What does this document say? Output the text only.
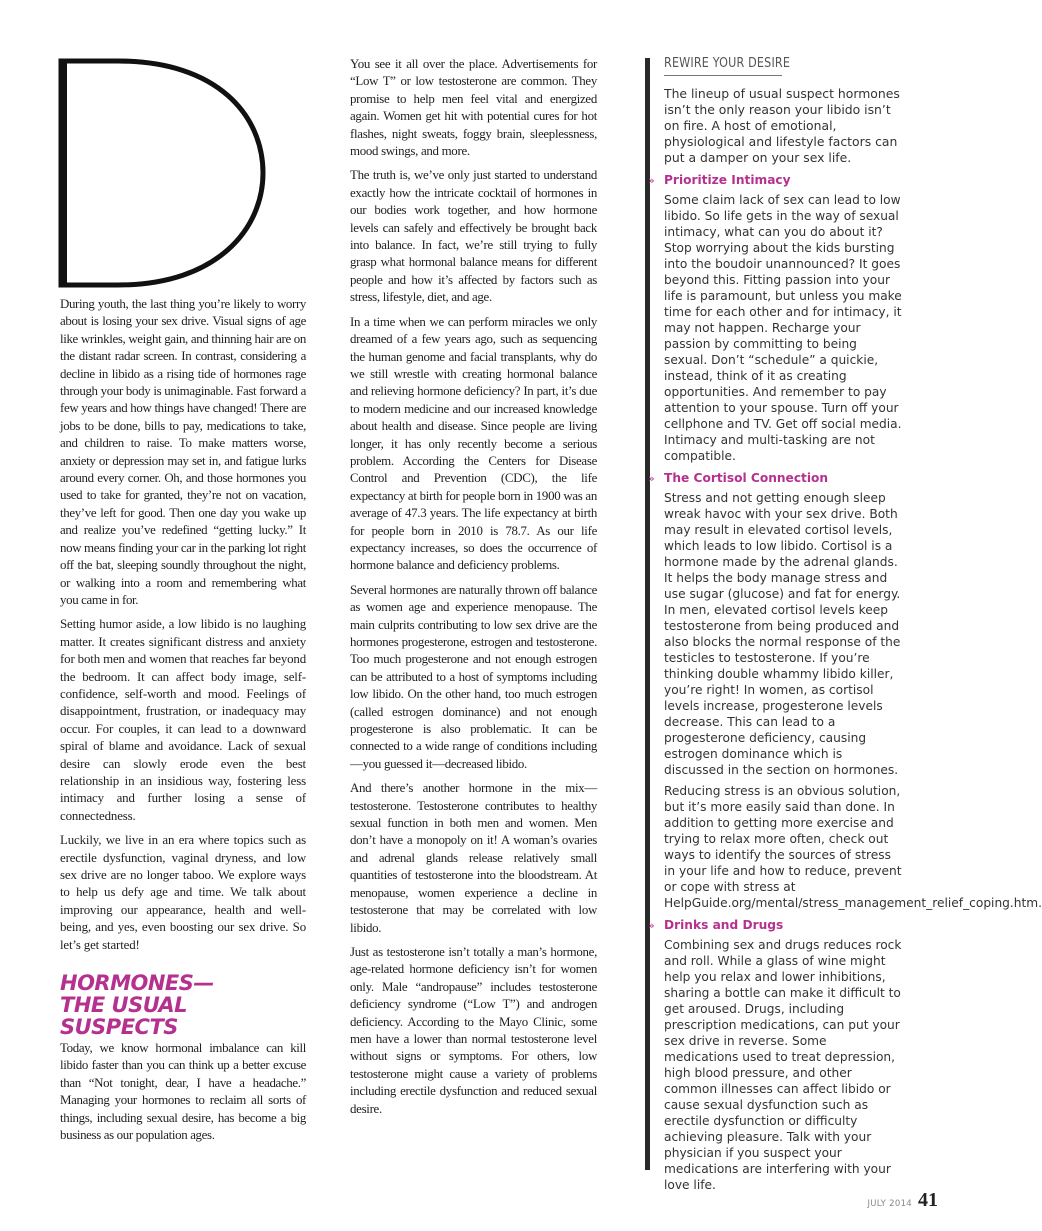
During youth, the last thing you’re likely to worry about is losing your sex drive. Visual signs of age like wrinkles, weight gain, and thinning hair are on the distant radar screen. In contrast, considering a decline in libido as a rising tide of hormones rage through your body is unimaginable. Fast forward a few years and how things have changed! There are jobs to be done, bills to pay, medications to take, and children to raise. To make matters worse, anxiety or depression may set in, and fatigue lurks around every corner. Oh, and those hormones you used to take for granted, they’re not on vacation, they’ve left for good. Then one day you wake up and realize you’ve redefined “getting lucky.” It now means finding your car in the parking lot right off the bat, sleeping soundly throughout the night, or walking into a room and remembering what you came in for.

Setting humor aside, a low libido is no laughing matter. It creates significant distress and anxiety for both men and women that reaches far beyond the bedroom. It can affect body image, self-confidence, self-worth and mood. Feelings of disappointment, frustration, or inadequacy may occur. For couples, it can lead to a downward spiral of blame and avoidance. Lack of sexual desire can slowly erode even the best relationship in an insidious way, fostering less intimacy and further losing a sense of connectedness.

Luckily, we live in an era where topics such as erectile dysfunction, vaginal dryness, and low sex drive are no longer taboo. We explore ways to help us defy age and time. We talk about improving our appearance, health and well-being, and yes, even boosting our sex drive. So let’s get started!

HORMONES—
THE USUAL SUSPECTS

Today, we know hormonal imbalance can kill libido faster than you can think up a better excuse than “Not tonight, dear, I have a headache.” Managing your hormones to reclaim all sorts of things, including sexual desire, has become a big business as our population ages.

You see it all over the place. Advertisements for “Low T” or low testosterone are common. They promise to help men feel vital and energized again. Women get hit with potential cures for hot flashes, night sweats, foggy brain, sleeplessness, mood swings, and more.

The truth is, we’ve only just started to understand exactly how the intricate cocktail of hormones in our bodies work together, and how hormone levels can safely and effectively be brought back into balance. In fact, we’re still trying to fully grasp what hormonal balance means for different people and how it’s affected by factors such as stress, lifestyle, diet, and age.

In a time when we can perform miracles we only dreamed of a few years ago, such as sequencing the human genome and facial transplants, why do we still wrestle with creating hormonal balance and relieving hormone deficiency? In part, it’s due to modern medicine and our increased knowledge about health and disease. Since people are living longer, it has only recently become a serious problem. According the Centers for Disease Control and Prevention (CDC), the life expectancy at birth for people born in 1900 was an average of 47.3 years. The life expectancy at birth for people born in 2010 is 78.7. As our life expectancy increases, so does the occurrence of hormone balance and deficiency problems.

Several hormones are naturally thrown off balance as women age and experience menopause. The main culprits contributing to low sex drive are the hormones progesterone, estrogen and testosterone. Too much progesterone and not enough estrogen can be attributed to a host of symptoms including low libido. On the other hand, too much estrogen (called estrogen dominance) and not enough progesterone is also problematic. It can be connected to a wide range of conditions including—you guessed it—decreased libido.

And there’s another hormone in the mix—testosterone. Testosterone contributes to healthy sexual function in both men and women. Men don’t have a monopoly on it! A woman’s ovaries and adrenal glands release relatively small quantities of testosterone into the bloodstream. At menopause, women experience a decline in testosterone that may be correlated with low libido.

Just as testosterone isn’t totally a man’s hormone, age-related hormone deficiency isn’t for women only. Male “andropause” includes testosterone deficiency syndrome (“Low T”) and androgen deficiency. According to the Mayo Clinic, some men have a lower than normal testosterone level without signs or symptoms. For others, low testosterone might cause a variety of problems including erectile dysfunction and reduced sexual desire.

REWIRE YOUR DESIRE

The lineup of usual suspect hormones isn’t the only reason your libido isn’t on fire. A host of emotional, physiological and lifestyle factors can put a damper on your sex life.

» Prioritize Intimacy

Some claim lack of sex can lead to low libido. So life gets in the way of sexual intimacy, what can you do about it? Stop worrying about the kids bursting into the boudoir unannounced? It goes beyond this. Fitting passion into your life is paramount, but unless you make time for each other and for intimacy, it may not happen. Recharge your passion by committing to being sexual. Don’t “schedule” a quickie, instead, think of it as creating opportunities. And remember to pay attention to your spouse. Turn off your cellphone and TV. Get off social media. Intimacy and multi-tasking are not compatible.

» The Cortisol Connection

Stress and not getting enough sleep wreak havoc with your sex drive. Both may result in elevated cortisol levels, which leads to low libido. Cortisol is a hormone made by the adrenal glands. It helps the body manage stress and use sugar (glucose) and fat for energy. In men, elevated cortisol levels keep testosterone from being produced and also blocks the normal response of the testicles to testosterone. If you’re thinking double whammy libido killer, you’re right! In women, as cortisol levels increase, progesterone levels decrease. This can lead to a progesterone deficiency, causing estrogen dominance which is discussed in the section on hormones.

Reducing stress is an obvious solution, but it’s more easily said than done. In addition to getting more exercise and trying to relax more often, check out ways to identify the sources of stress in your life and how to reduce, prevent or cope with stress at HelpGuide.org/mental/stress_management_relief_coping.htm.

» Drinks and Drugs

Combining sex and drugs reduces rock and roll. While a glass of wine might help you relax and lower inhibitions, sharing a bottle can make it difficult to get aroused. Drugs, including prescription medications, can put your sex drive in reverse. Some medications used to treat depression, high blood pressure, and other common illnesses can affect libido or cause sexual dysfunction such as erectile dysfunction or difficulty achieving pleasure. Talk with your physician if you suspect your medications are interfering with your love life.

JULY 2014 41
